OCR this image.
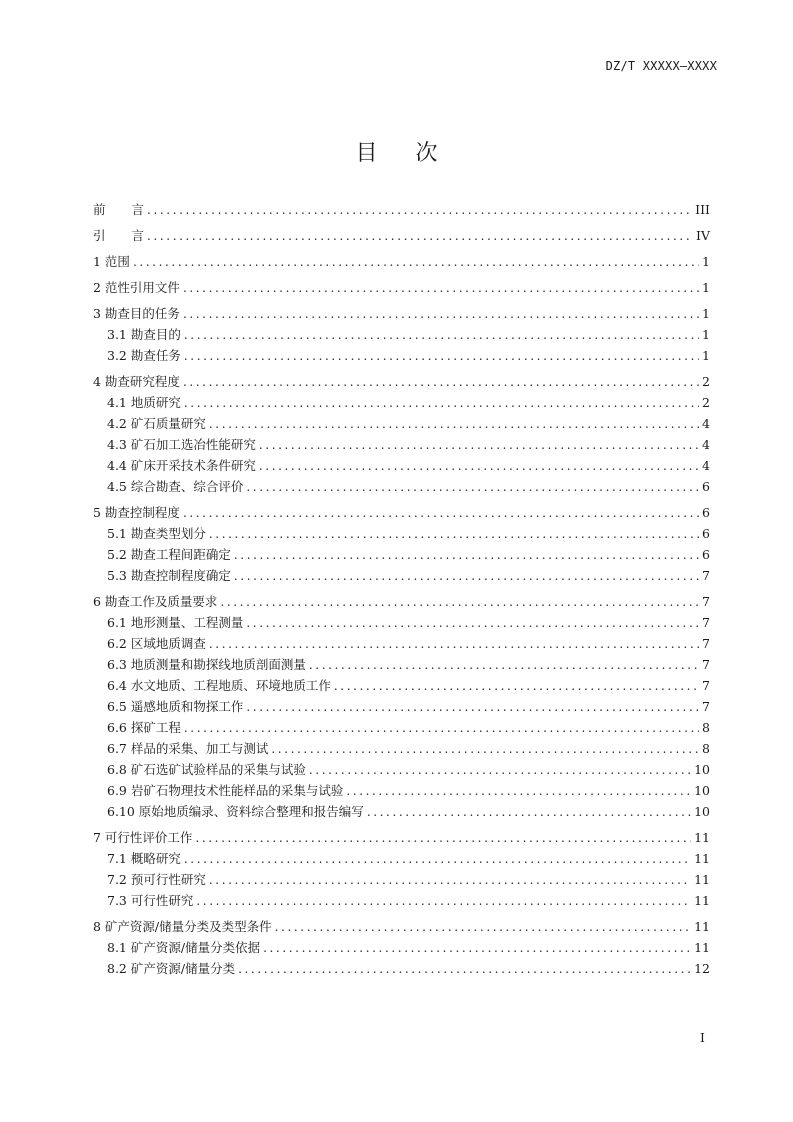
DZ/T XXXXX—XXXX
目 次
前 言 .....	III
引 言 .....	IV
1 范围 .....	1
2 范性引用文件 .....	1
3 勘查目的任务 .....	1
3.1 勘查目的 .....	1
3.2 勘查任务 .....	1
4 勘查研究程度 .....	2
4.1 地质研究 .....	2
4.2 矿石质量研究 .....	4
4.3 矿石加工选冶性能研究 .....	4
4.4 矿床开采技术条件研究 .....	4
4.5 综合勘查、综合评价 .....	6
5 勘查控制程度 .....	6
5.1 勘查类型划分 .....	6
5.2 勘查工程间距确定 .....	6
5.3 勘查控制程度确定 .....	7
6 勘查工作及质量要求 .....	7
6.1 地形测量、工程测量 .....	7
6.2 区域地质调查 .....	7
6.3 地质测量和勘探线地质剖面测量 .....	7
6.4 水文地质、工程地质、环境地质工作 .....	7
6.5 遥感地质和物探工作 .....	7
6.6 探矿工程 .....	8
6.7 样品的采集、加工与测试 .....	8
6.8 矿石选矿试验样品的采集与试验 .....	10
6.9 岩矿石物理技术性能样品的采集与试验 .....	10
6.10 原始地质编录、资料综合整理和报告编写 .....	10
7 可行性评价工作 .....	11
7.1 概略研究 .....	11
7.2 预可行性研究 .....	11
7.3 可行性研究 .....	11
8 矿产资源/储量分类及类型条件 .....	11
8.1 矿产资源/储量分类依据 .....	11
8.2 矿产资源/储量分类 .....	12
I
